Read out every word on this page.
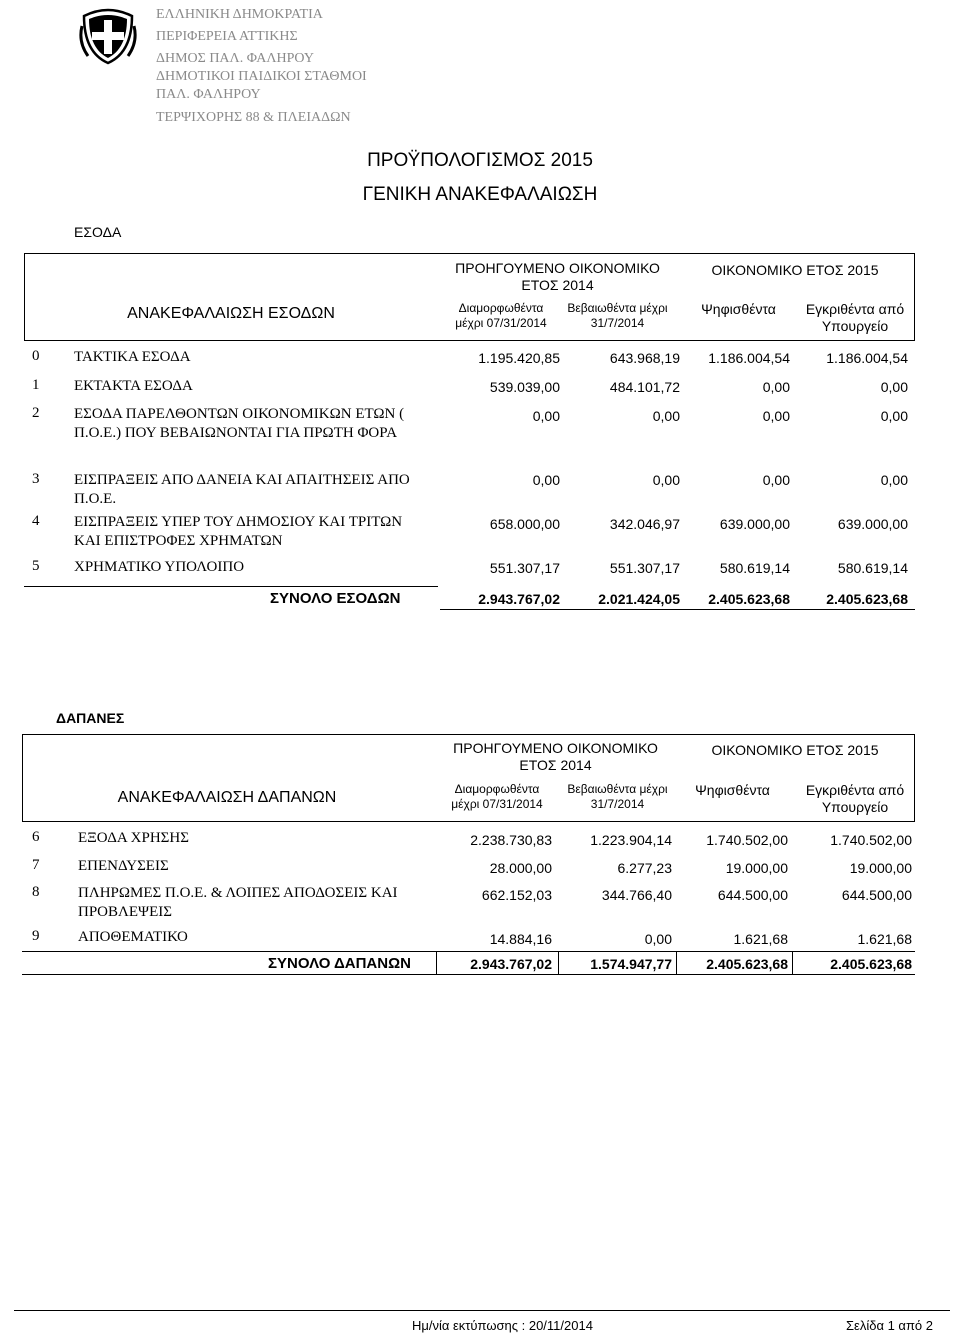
ΕΛΛΗΝΙΚΗ ΔΗΜΟΚΡΑΤΙΑ
ΠΕΡΙΦΕΡΕΙΑ ΑΤΤΙΚΗΣ
ΔΗΜΟΣ ΠΑΛ. ΦΑΛΗΡΟΥ
ΔΗΜΟΤΙΚΟΙ ΠΑΙΔΙΚΟΙ ΣΤΑΘΜΟΙ
ΠΑΛ. ΦΑΛΗΡΟΥ
ΤΕΡΨΙΧΟΡΗΣ 88 & ΠΛΕΙΑΔΩΝ
ΠΡΟΫΠΟΛΟΓΙΣΜΟΣ 2015
ΓΕΝΙΚΗ ΑΝΑΚΕΦΑΛΑΙΩΣΗ
ΕΣΟΔΑ
ΑΝΑΚΕΦΑΛΑΙΩΣΗ ΕΣΟΔΩΝ
ΠΡΟΗΓΟΥΜΕΝΟ ΟΙΚΟΝΟΜΙΚΟ ΕΤΟΣ 2014
ΟΙΚΟΝΟΜΙΚΟ ΕΤΟΣ 2015
Διαμορφωθέντα μέχρι 07/31/2014
Βεβαιωθέντα μέχρι 31/7/2014
Ψηφισθέντα	Εγκριθέντα από Υπουργείο
0 ΤΑΚΤΙΚΑ ΕΣΟΔΑ	1.195.420,85	643.968,19	1.186.004,54	1.186.004,54
1 ΕΚΤΑΚΤΑ ΕΣΟΔΑ	539.039,00	484.101,72	0,00	0,00
2 ΕΣΟΔΑ ΠΑΡΕΛΘΟΝΤΩΝ ΟΙΚΟΝΟΜΙΚΩΝ ΕΤΩΝ ( Π.Ο.Ε.) ΠΟΥ ΒΕΒΑΙΩΝΟΝΤΑΙ ΓΙΑ ΠΡΩΤΗ ΦΟΡΑ
0,00	0,00	0,00	0,00
3 ΕΙΣΠΡΑΞΕΙΣ ΑΠΟ ΔΑΝΕΙΑ ΚΑΙ ΑΠΑΙΤΗΣΕΙΣ ΑΠΟ Π.Ο.Ε.
0,00	0,00	0,00	0,00
4 ΕΙΣΠΡΑΞΕΙΣ ΥΠΕΡ ΤΟΥ ΔΗΜΟΣΙΟΥ ΚΑΙ ΤΡΙΤΩΝ ΚΑΙ ΕΠΙΣΤΡΟΦΕΣ ΧΡΗΜΑΤΩΝ
658.000,00	342.046,97	639.000,00	639.000,00
5 ΧΡΗΜΑΤΙΚΟ ΥΠΟΛΟΙΠΟ	551.307,17	551.307,17	580.619,14	580.619,14
ΣΥΝΟΛΟ ΕΣΟΔΩΝ	2.943.767,02	2.021.424,05	2.405.623,68	2.405.623,68
ΔΑΠΑΝΕΣ
ΑΝΑΚΕΦΑΛΑΙΩΣΗ ΔΑΠΑΝΩΝ
ΠΡΟΗΓΟΥΜΕΝΟ ΟΙΚΟΝΟΜΙΚΟ ΕΤΟΣ 2014
ΟΙΚΟΝΟΜΙΚΟ ΕΤΟΣ 2015
Διαμορφωθέντα μέχρι 07/31/2014
Βεβαιωθέντα μέχρι 31/7/2014
Ψηφισθέντα	Εγκριθέντα από Υπουργείο
6	ΕΞΟΔΑ ΧΡΗΣΗΣ	2.238.730,83	1.223.904,14	1.740.502,00	1.740.502,00
7	ΕΠΕΝΔΥΣΕΙΣ	28.000,00	6.277,23	19.000,00	19.000,00
8	ΠΛΗΡΩΜΕΣ Π.Ο.Ε. & ΛΟΙΠΕΣ ΑΠΟΔΟΣΕΙΣ ΚΑΙ ΠΡΟΒΛΕΨΕΙΣ
662.152,03	344.766,40	644.500,00	644.500,00
9	ΑΠΟΘΕΜΑΤΙΚΟ	14.884,16	0,00	1.621,68	1.621,68
ΣΥΝΟΛΟ ΔΑΠΑΝΩΝ	2.943.767,02	1.574.947,77	2.405.623,68	2.405.623,68
Ημ/νία εκτύπωσης : 20/11/2014	Σελίδα 1 από 2
